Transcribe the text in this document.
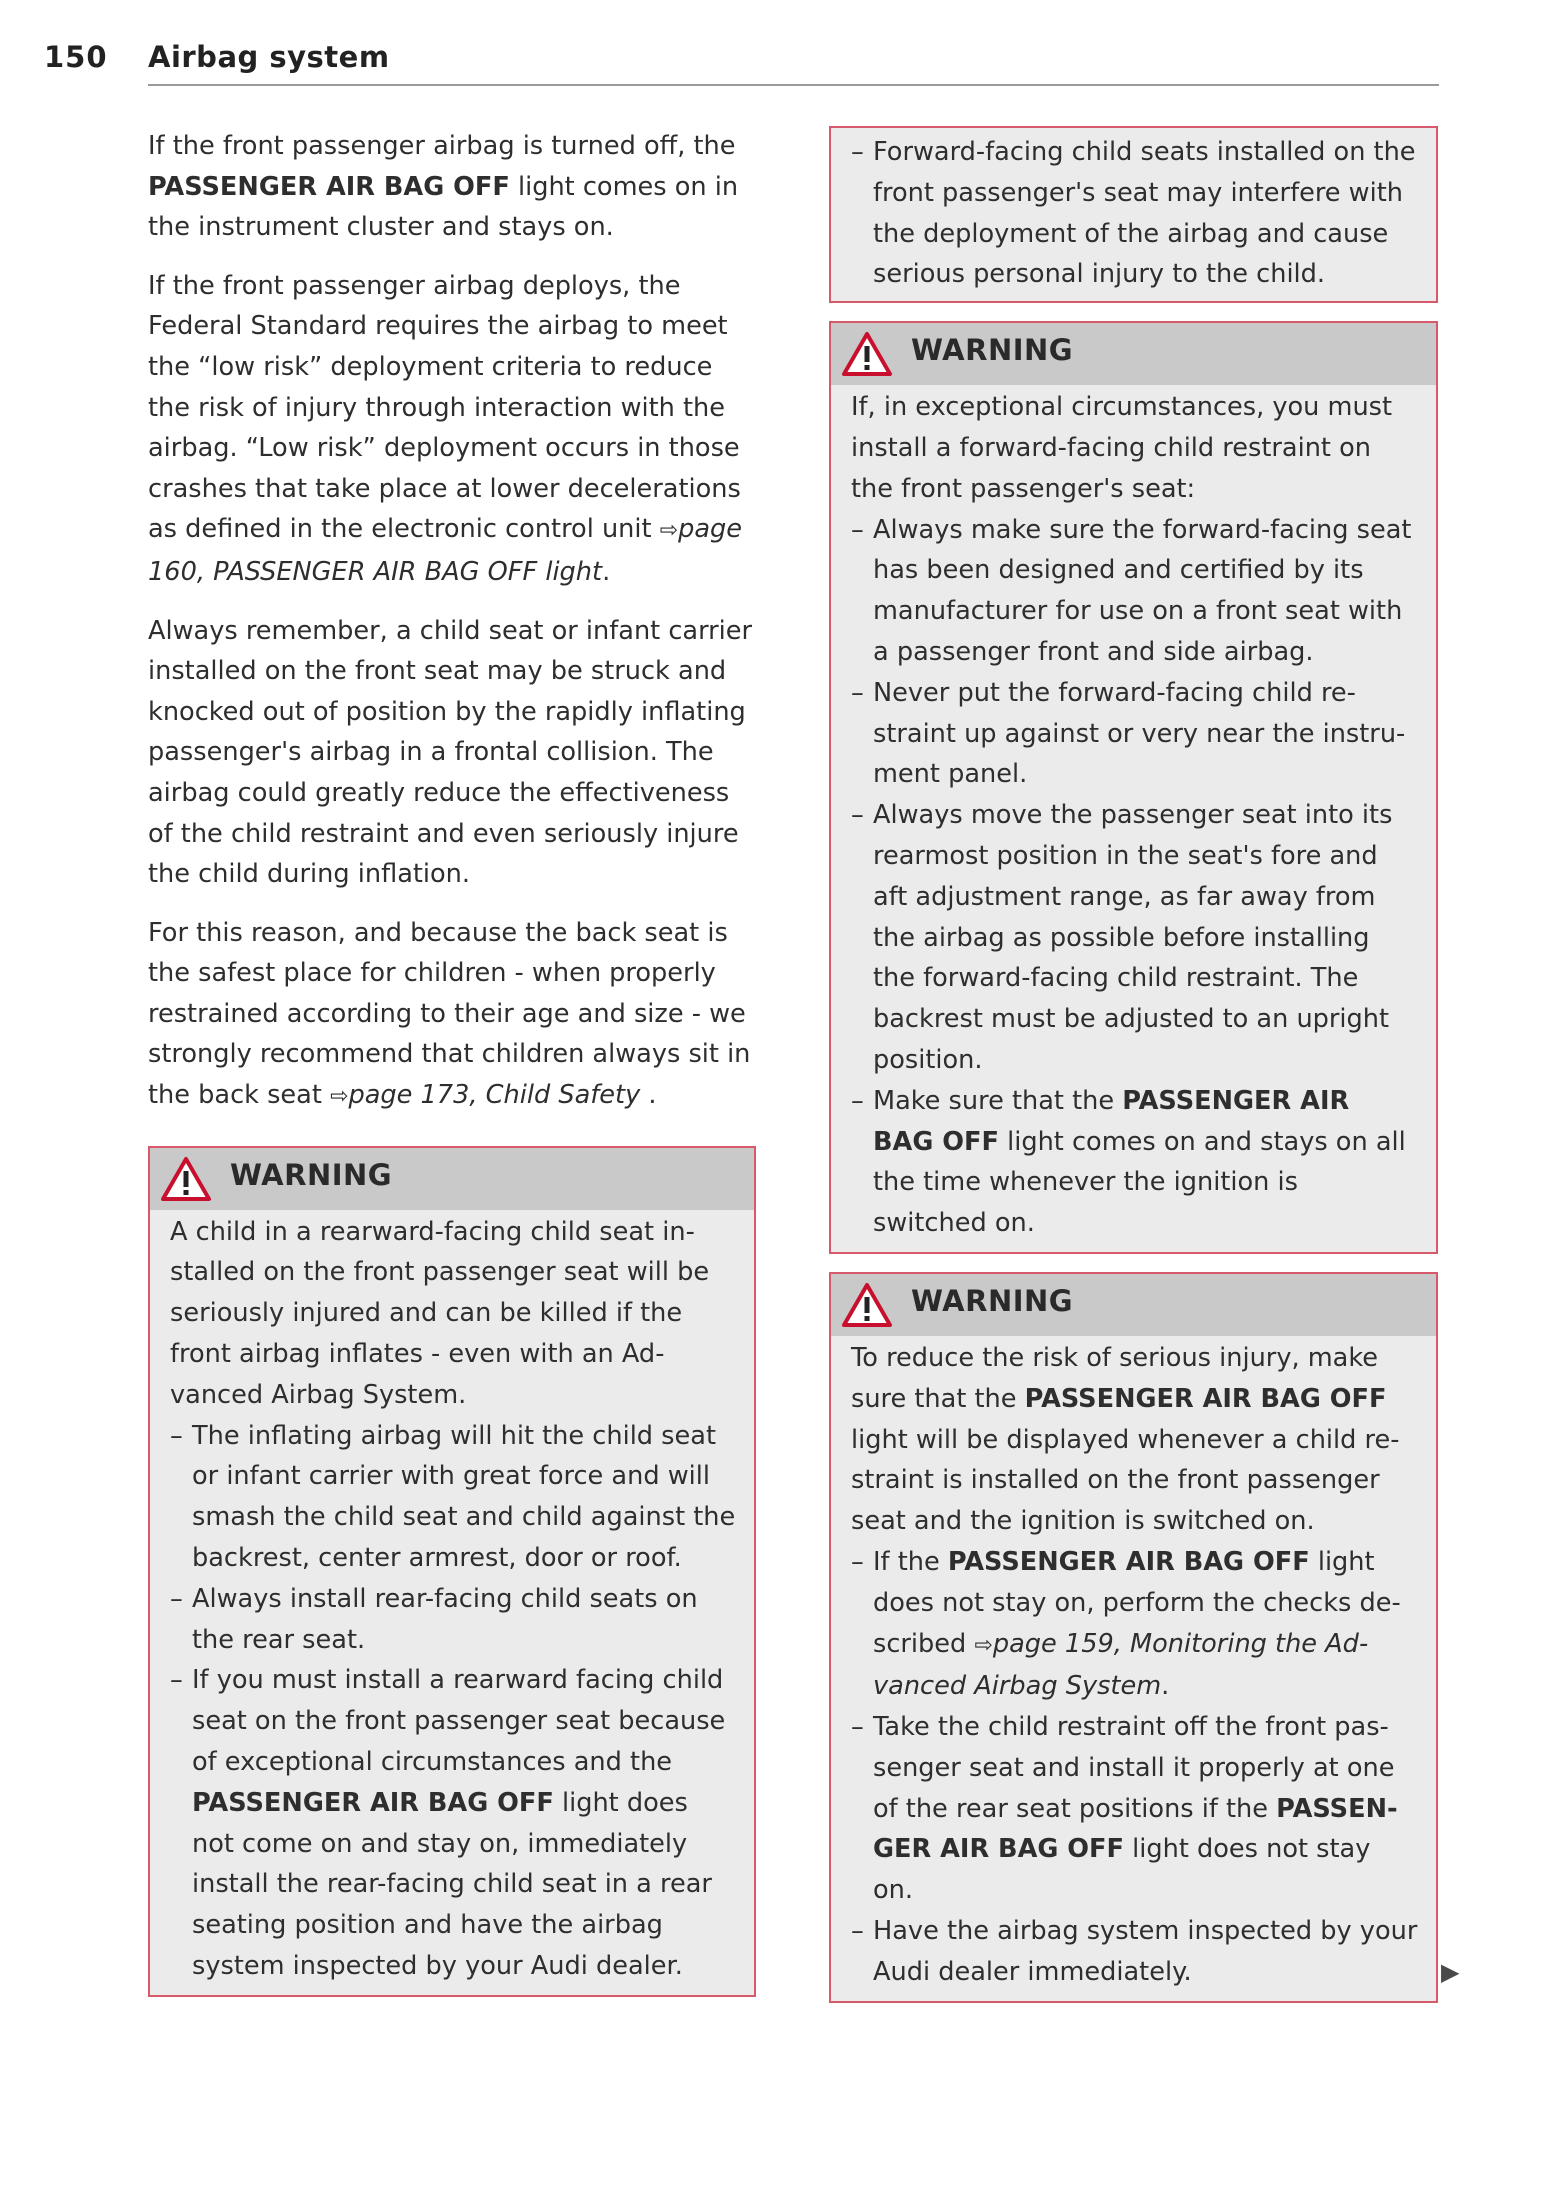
150 Airbag system

If the front passenger airbag is turned off, the PASSENGER AIR BAG OFF light comes on in the instrument cluster and stays on.

If the front passenger airbag deploys, the Federal Standard requires the airbag to meet the “low risk” deployment criteria to reduce the risk of injury through interaction with the airbag. “Low risk” deployment occurs in those crashes that take place at lower decelerations as defined in the electronic control unit ⇨page 160, PASSENGER AIR BAG OFF light.

Always remember, a child seat or infant carrier installed on the front seat may be struck and knocked out of position by the rapidly inflating passenger's airbag in a frontal collision. The airbag could greatly reduce the effectiveness of the child restraint and even seriously injure the child during inflation.

For this reason, and because the back seat is the safest place for children - when properly restrained according to their age and size - we strongly recommend that children always sit in the back seat ⇨page 173, Child Safety .

WARNING

A child in a rearward-facing child seat installed on the front passenger seat will be seriously injured and can be killed if the front airbag inflates - even with an Advanced Airbag System.

– The inflating airbag will hit the child seat or infant carrier with great force and will smash the child seat and child against the backrest, center armrest, door or roof.
– Always install rear-facing child seats on the rear seat.
– If you must install a rearward facing child seat on the front passenger seat because of exceptional circumstances and the PASSENGER AIR BAG OFF light does not come on and stay on, immediately install the rear-facing child seat in a rear seating position and have the airbag system inspected by your Audi dealer.
– Forward-facing child seats installed on the front passenger's seat may interfere with the deployment of the airbag and cause serious personal injury to the child.
WARNING

If, in exceptional circumstances, you must install a forward-facing child restraint on the front passenger's seat:

– Always make sure the forward-facing seat has been designed and certified by its manufacturer for use on a front seat with a passenger front and side airbag.
– Never put the forward-facing child restraint up against or very near the instrument panel.
– Always move the passenger seat into its rearmost position in the seat's fore and aft adjustment range, as far away from the airbag as possible before installing the forward-facing child restraint. The backrest must be adjusted to an upright position.
– Make sure that the PASSENGER AIR BAG OFF light comes on and stays on all the time whenever the ignition is switched on.
WARNING

To reduce the risk of serious injury, make sure that the PASSENGER AIR BAG OFF light will be displayed whenever a child restraint is installed on the front passenger seat and the ignition is switched on.

– If the PASSENGER AIR BAG OFF light does not stay on, perform the checks described ⇨page 159, Monitoring the Advanced Airbag System.
– Take the child restraint off the front passenger seat and install it properly at one of the rear seat positions if the PASSENGER AIR BAG OFF light does not stay on.
– Have the airbag system inspected by your Audi dealer immediately.	▶
